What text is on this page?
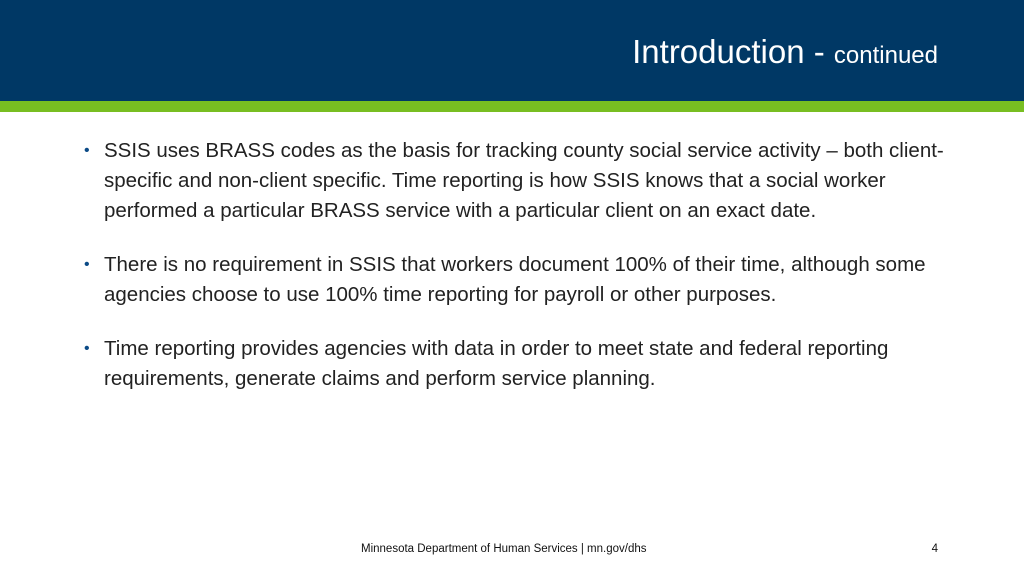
Introduction - continued
• SSIS uses BRASS codes as the basis for tracking county social service activity – both client-specific and non-client specific. Time reporting is how SSIS knows that a social worker performed a particular BRASS service with a particular client on an exact date.
• There is no requirement in SSIS that workers document 100% of their time, although some agencies choose to use 100% time reporting for payroll or other purposes.
• Time reporting provides agencies with data in order to meet state and federal reporting requirements, generate claims and perform service planning.
Minnesota Department of Human Services | mn.gov/dhs	4
